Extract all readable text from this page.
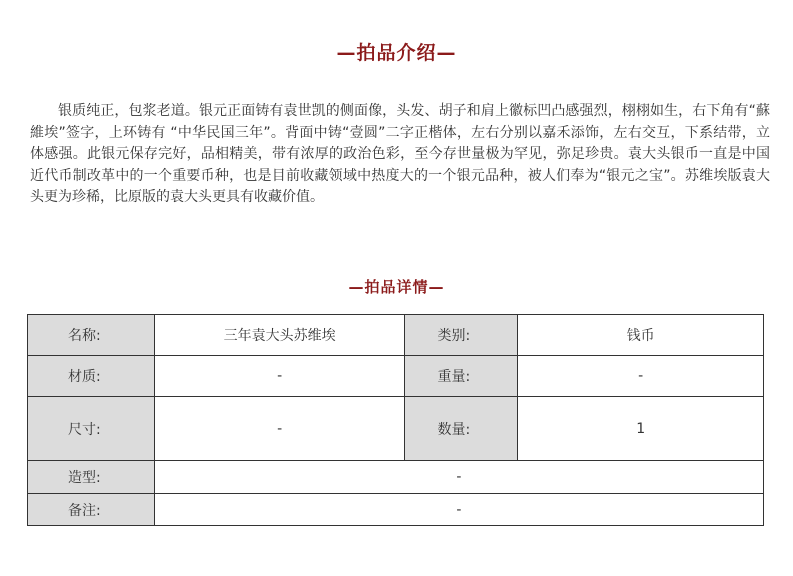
—拍品介绍—

银质纯正，包浆老道。银元正面铸有袁世凯的侧面像，头发、胡子和肩上徽标凹凸感强烈，栩栩如生，右下角有“蘇維埃”签字，上环铸有 “中华民国三年”。背面中铸“壹圆”二字正楷体，左右分别以嘉禾添饰，左右交互，下系结带，立体感强。此银元保存完好，品相精美，带有浓厚的政治色彩，至今存世量极为罕见，弥足珍贵。袁大头银币一直是中国近代币制改革中的一个重要币种，也是目前收藏领域中热度大的一个银元品种，被人们奉为“银元之宝”。苏维埃版袁大头更为珍稀，比原版的袁大头更具有收藏价值。

—拍品详情—
名称:	三年袁大头苏维埃	类别:	钱币
材质:	-	重量:	-
尺寸:	-	数量:	1
造型:	-		
备注:	-		
